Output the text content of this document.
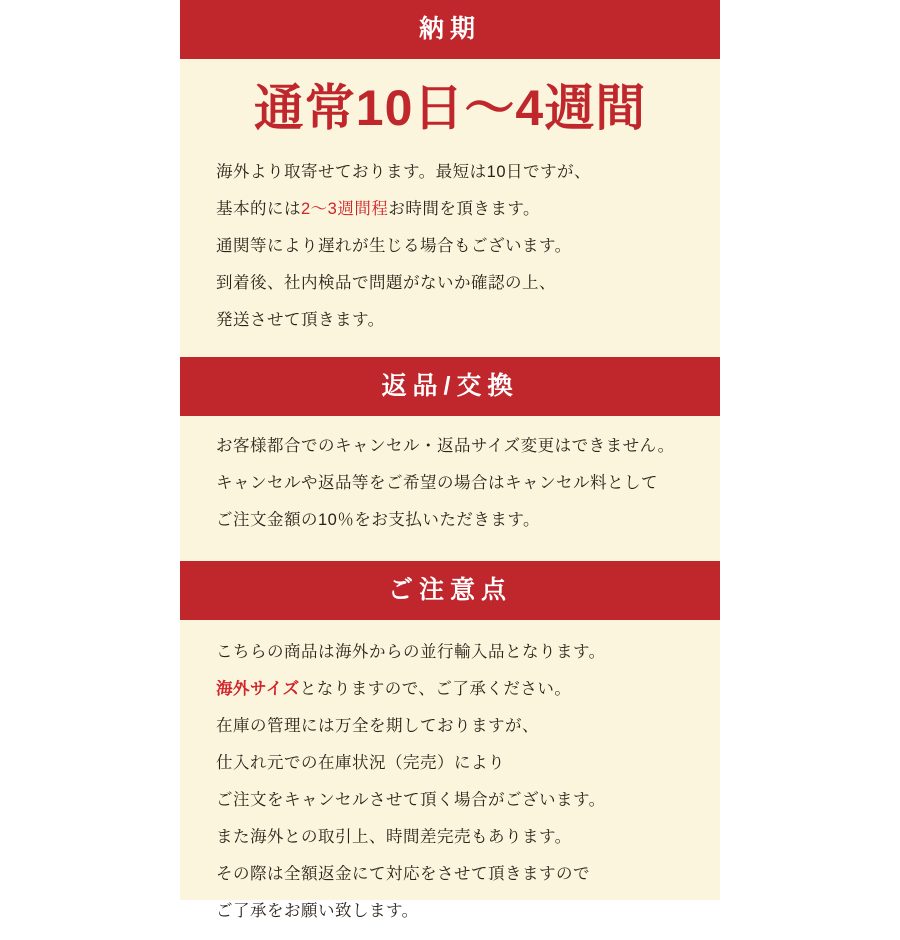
納期
通常10日〜4週間

海外より取寄せております。最短は10日ですが、

基本的には2〜3週間程お時間を頂きます。

通関等により遅れが生じる場合もございます。

到着後、社内検品で問題がないか確認の上、

発送させて頂きます。

返品/交換

お客様都合でのキャンセル・返品サイズ変更はできません。

キャンセルや返品等をご希望の場合はキャンセル料として

ご注文金額の10％をお支払いただきます。

ご注意点

こちらの商品は海外からの並行輸入品となります。

海外サイズとなりますので、ご了承ください。

在庫の管理には万全を期しておりますが、

仕入れ元での在庫状況（完売）により

ご注文をキャンセルさせて頂く場合がございます。

また海外との取引上、時間差完売もあります。

その際は全額返金にて対応をさせて頂きますので

ご了承をお願い致します。
